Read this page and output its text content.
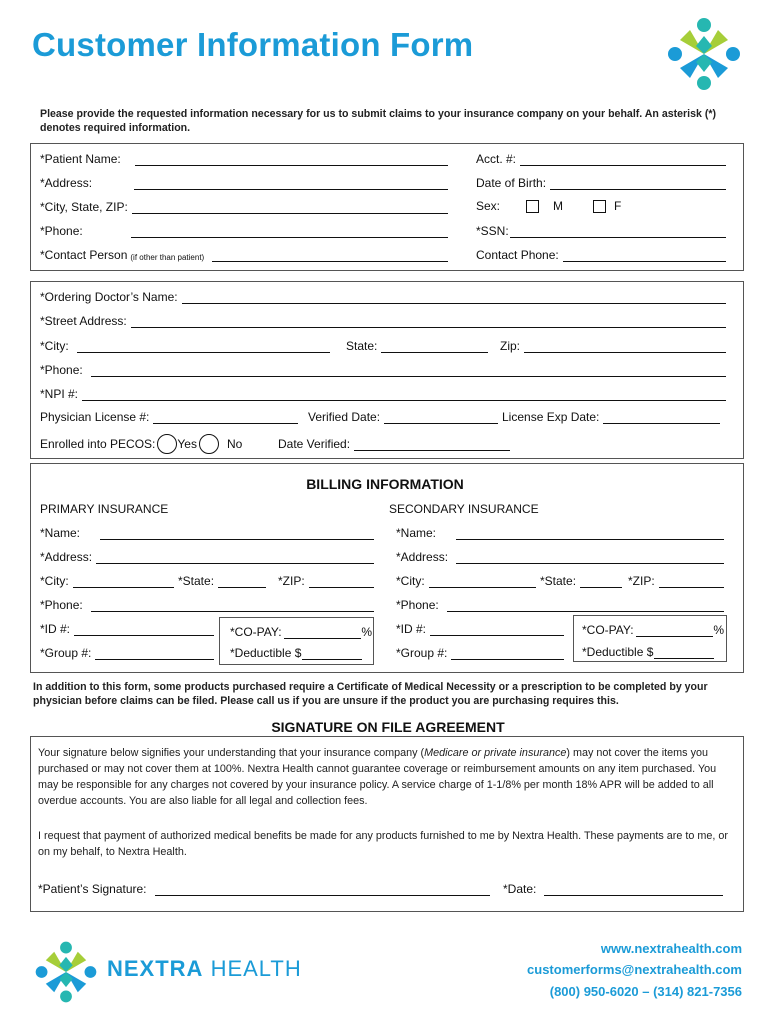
Customer Information Form
Please provide the requested information necessary for us to submit claims to your insurance company on your behalf. An asterisk (*) denotes required information.
*Patient Name:	Acct. #:
*Address:	Date of Birth:
*City, State, ZIP:	Sex:	M	F
*Phone:	*SSN:
*Contact Person (if other than patient)	Contact Phone:
*Ordering Doctor’s Name:
*Street Address:
*City:	State:	Zip:
*Phone:
*NPI #:
Physician License #:	Verified Date:	License Exp Date:
Enrolled into PECOS: Yes	No	Date Verified:
BILLING INFORMATION
PRIMARY INSURANCE
*Name:
*Address:
*City:	*State:	*ZIP:
*Phone:
*ID #:
*Group #:
*CO-PAY:	%
*Deductible $
SECONDARY INSURANCE
*Name:
*Address:
*City:	*State:	*ZIP:
*Phone:
*ID #:
*Group #:
*CO-PAY:	%
*Deductible $
In addition to this form, some products purchased require a Certificate of Medical Necessity or a prescription to be completed by your physician before claims can be filed. Please call us if you are unsure if the product you are purchasing requires this.
SIGNATURE ON FILE AGREEMENT
Your signature below signifies your understanding that your insurance company (Medicare or private insurance) may not cover the items you purchased or may not cover them at 100%. Nextra Health cannot guarantee coverage or reimbursement amounts on any item purchased. You may be responsible for any charges not covered by your insurance policy. A service charge of 1-1/8% per month 18% APR will be added to all overdue accounts. You are also liable for all legal and collection fees.
I request that payment of authorized medical benefits be made for any products furnished to me by Nextra Health. These payments are to me, or on my behalf, to Nextra Health.
*Patient’s Signature:	*Date:
NEXTRA HEALTH
www.nextrahealth.com
customerforms@nextrahealth.com
(800) 950-6020 – (314) 821-7356
